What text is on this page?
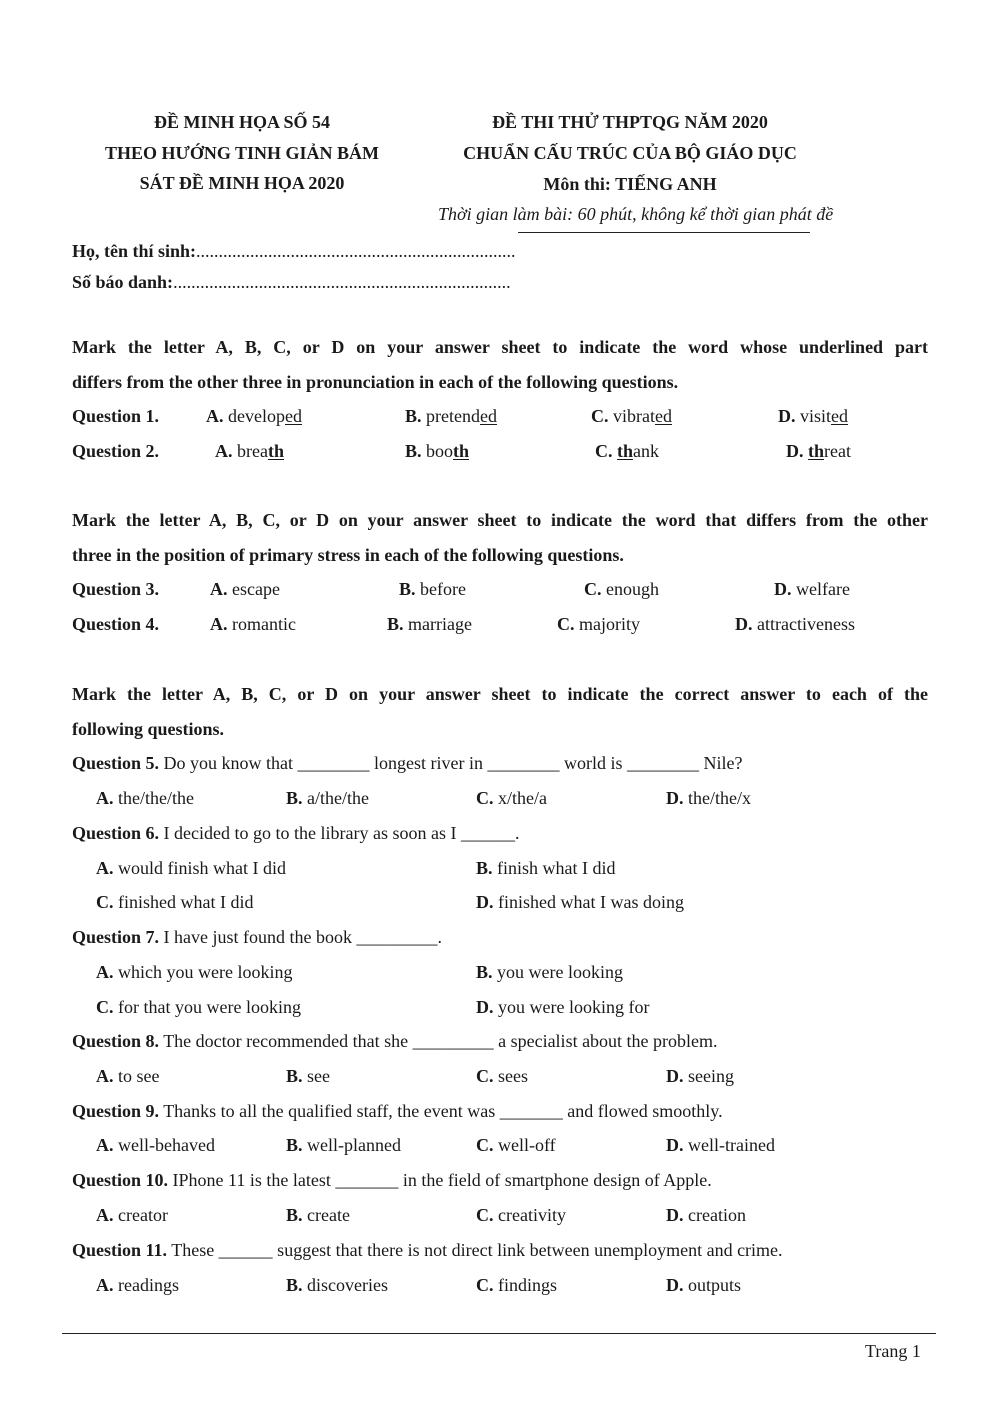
ĐỀ MINH HỌA SỐ 54
THEO HƯỚNG TINH GIẢN BÁM
SÁT ĐỀ MINH HỌA 2020
ĐỀ THI THỬ THPTQG NĂM 2020
CHUẨN CẤU TRÚC CỦA BỘ GIÁO DỤC
Môn thi: TIẾNG ANH
Thời gian làm bài: 60 phút, không kể thời gian phát đề
Họ, tên thí sinh:.......................................................................
Số báo danh:...........................................................................
Mark the letter A, B, C, or D on your answer sheet to indicate the word whose underlined part
differs from the other three in pronunciation in each of the following questions.
Question 1.	A. developed	B. pretended	C. vibrated	D. visited
Question 2.	A. breath	B. booth	C. thank	D. threat
Mark the letter A, B, C, or D on your answer sheet to indicate the word that differs from the other
three in the position of primary stress in each of the following questions.
Question 3.	A. escape	B. before	C. enough	D. welfare
Question 4.	A. romantic	B. marriage	C. majority	D. attractiveness
Mark the letter A, B, C, or D on your answer sheet to indicate the correct answer to each of the
following questions.
Question 5. Do you know that ________ longest river in ________ world is ________ Nile?
A. the/the/the	B. a/the/the	C. x/the/a	D. the/the/x
Question 6. I decided to go to the library as soon as I ______.
A. would finish what I did	B. finish what I did
C. finished what I did	D. finished what I was doing
Question 7. I have just found the book _________.
A. which you were looking	B. you were looking
C. for that you were looking	D. you were looking for
Question 8. The doctor recommended that she _________ a specialist about the problem.
A. to see	B. see	C. sees	D. seeing
Question 9. Thanks to all the qualified staff, the event was _______ and flowed smoothly.
A. well-behaved	B. well-planned	C. well-off	D. well-trained
Question 10. IPhone 11 is the latest _______ in the field of smartphone design of Apple.
A. creator	B. create	C. creativity	D. creation
Question 11. These ______ suggest that there is not direct link between unemployment and crime.
A. readings	B. discoveries	C. findings	D. outputs
Trang 1
